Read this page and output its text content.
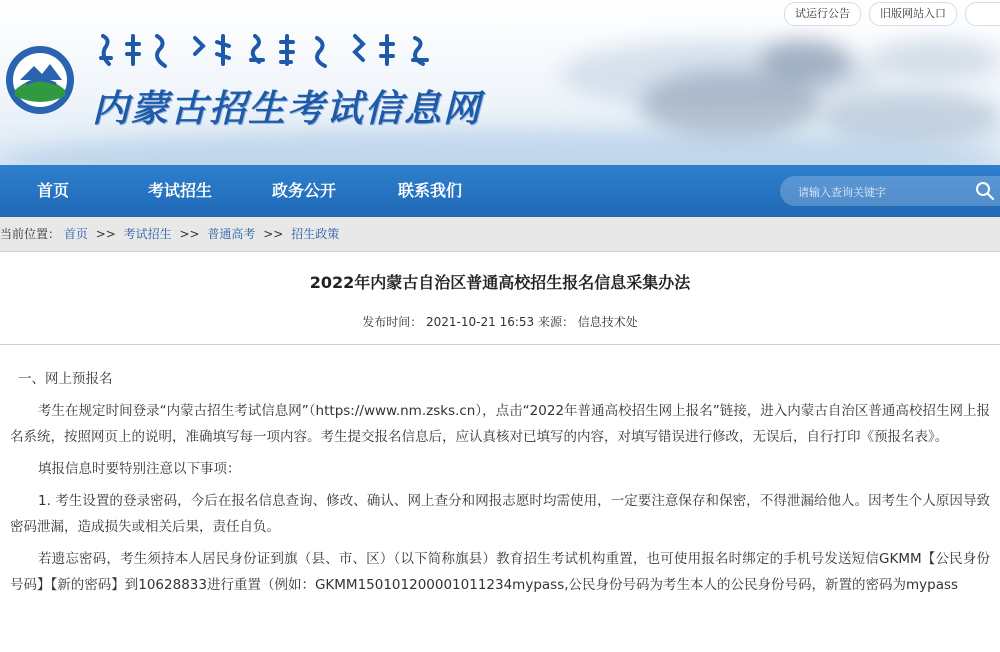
内蒙古招生考试信息网
试运行公告	旧版网站入口
首页	考试招生	政务公开	联系我们
请输入查询关键字
当前位置： 首页 >> 考试招生 >> 普通高考 >> 招生政策
2022年内蒙古自治区普通高校招生报名信息采集办法
发布时间： 2021-10-21 16:53 来源： 信息技术处

一、网上预报名

考生在规定时间登录“内蒙古招生考试信息网”（https://www.nm.zsks.cn），点击“2022年普通高校招生网上报名”链接，进入内蒙古自治区普通高校招生网上报名系统，按照网页上的说明，准确填写每一项内容。考生提交报名信息后，应认真核对已填写的内容，对填写错误进行修改，无误后，自行打印《预报名表》。

填报信息时要特别注意以下事项：

1. 考生设置的登录密码，今后在报名信息查询、修改、确认、网上查分和网报志愿时均需使用，一定要注意保存和保密，不得泄漏给他人。因考生个人原因导致密码泄漏，造成损失或相关后果，责任自负。

若遗忘密码，考生须持本人居民身份证到旗（县、市、区）（以下简称旗县）教育招生考试机构重置，也可使用报名时绑定的手机号发送短信GKMM【公民身份号码】【新的密码】到10628833进行重置（例如：GKMM150101200001011234mypass,公民身份号码为考生本人的公民身份号码，新置的密码为mypass
